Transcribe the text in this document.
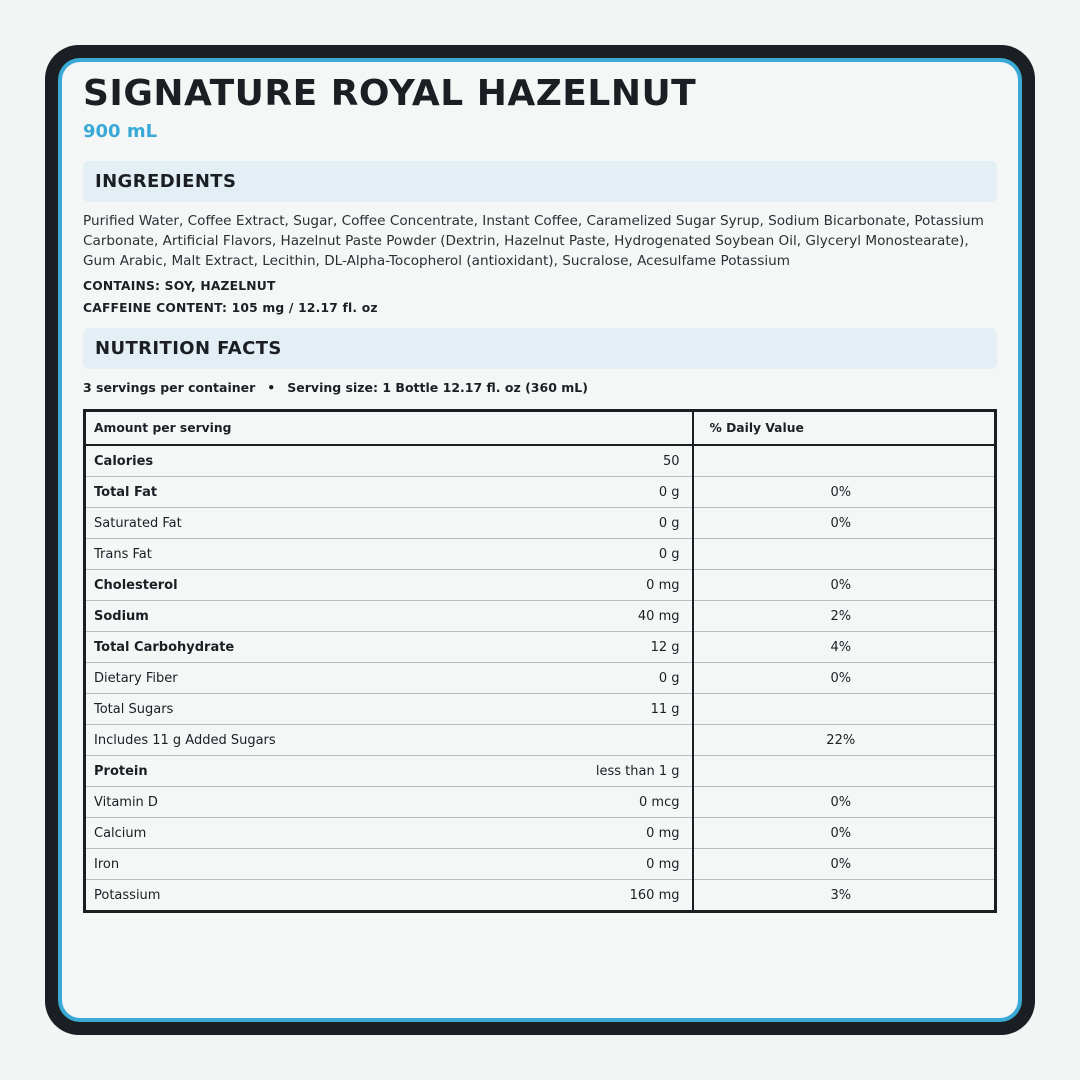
SIGNATURE ROYAL HAZELNUT
900 mL
INGREDIENTS
Purified Water, Coffee Extract, Sugar, Coffee Concentrate, Instant Coffee, Caramelized Sugar Syrup, Sodium Bicarbonate, Potassium Carbonate, Artificial Flavors, Hazelnut Paste Powder (Dextrin, Hazelnut Paste, Hydrogenated Soybean Oil, Glyceryl Monostearate), Gum Arabic, Malt Extract, Lecithin, DL-Alpha-Tocopherol (antioxidant), Sucralose, Acesulfame Potassium
CONTAINS: SOY, HAZELNUT
CAFFEINE CONTENT: 105 mg / 12.17 fl. oz
NUTRITION FACTS
3 servings per container • Serving size: 1 Bottle 12.17 fl. oz (360 mL)
Amount per serving	% Daily Value

Calories 50	

Total Fat 0 g	0%

Saturated Fat 0 g	0%

Trans Fat 0 g	

Cholesterol 0 mg	0%

Sodium 40 mg	2%

Total Carbohydrate 12 g	4%

Dietary Fiber 0 g	0%

Total Sugars 11 g	

Includes 11 g Added Sugars	22%

Protein less than 1 g	

Vitamin D 0 mcg	0%

Calcium 0 mg	0%

Iron 0 mg	0%

Potassium 160 mg	3%
